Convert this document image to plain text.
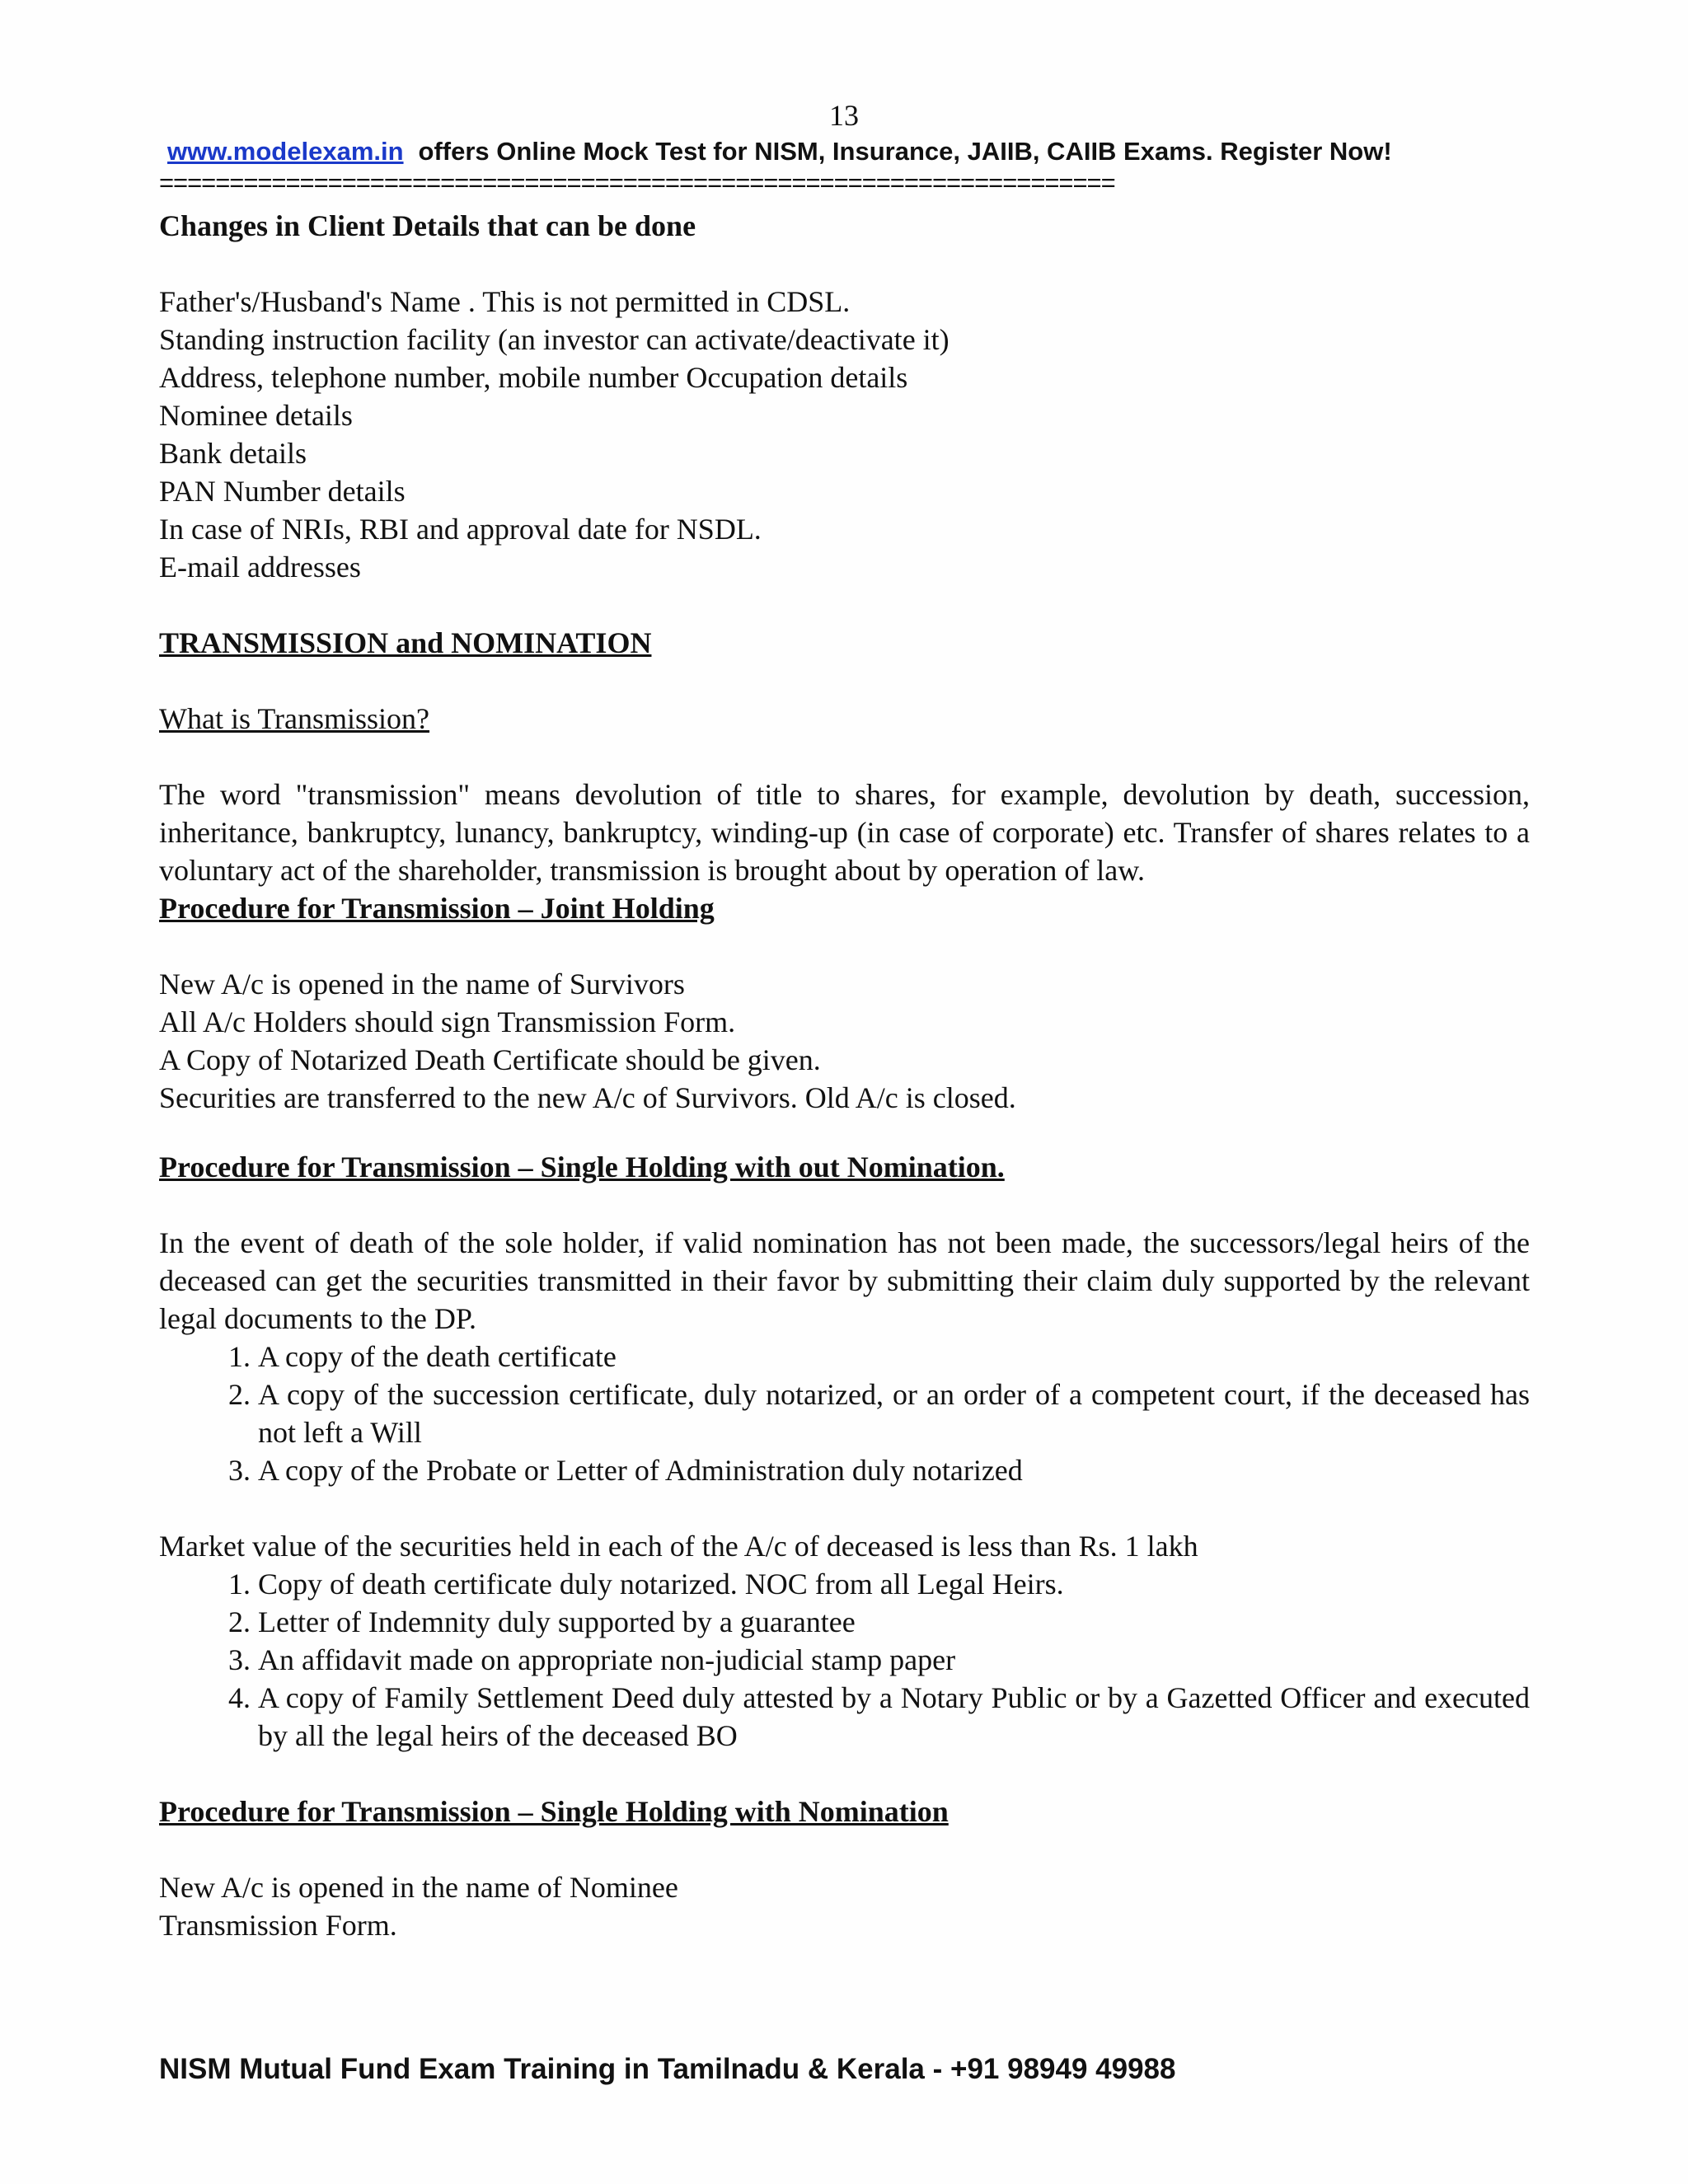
13
www.modelexam.in offers Online Mock Test for NISM, Insurance, JAIIB, CAIIB Exams. Register Now!
====================================================================

Changes in Client Details that can be done

Father's/Husband's Name . This is not permitted in CDSL.

Standing instruction facility (an investor can activate/deactivate it)

Address, telephone number, mobile number Occupation details

Nominee details

Bank details

PAN Number details

In case of NRIs, RBI and approval date for NSDL.

E-mail addresses

TRANSMISSION and NOMINATION

What is Transmission?

The word "transmission" means devolution of title to shares, for example, devolution by death, succession, inheritance, bankruptcy, lunancy, bankruptcy, winding-up (in case of corporate) etc. Transfer of shares relates to a voluntary act of the shareholder, transmission is brought about by operation of law.

Procedure for Transmission – Joint Holding

New A/c is opened in the name of Survivors

All A/c Holders should sign Transmission Form.

A Copy of Notarized Death Certificate should be given.

Securities are transferred to the new A/c of Survivors. Old A/c is closed.

Procedure for Transmission – Single Holding with out Nomination.

In the event of death of the sole holder, if valid nomination has not been made, the successors/legal heirs of the deceased can get the securities transmitted in their favor by submitting their claim duly supported by the relevant legal documents to the DP.

1. A copy of the death certificate
2. A copy of the succession certificate, duly notarized, or an order of a competent court, if the deceased has not left a Will
3. A copy of the Probate or Letter of Administration duly notarized

Market value of the securities held in each of the A/c of deceased is less than Rs. 1 lakh

1. Copy of death certificate duly notarized. NOC from all Legal Heirs.
2. Letter of Indemnity duly supported by a guarantee
3. An affidavit made on appropriate non-judicial stamp paper
4. A copy of Family Settlement Deed duly attested by a Notary Public or by a Gazetted Officer and executed by all the legal heirs of the deceased BO

Procedure for Transmission – Single Holding with Nomination

New A/c is opened in the name of Nominee

Transmission Form.

NISM Mutual Fund Exam Training in Tamilnadu & Kerala - +91 98949 49988
